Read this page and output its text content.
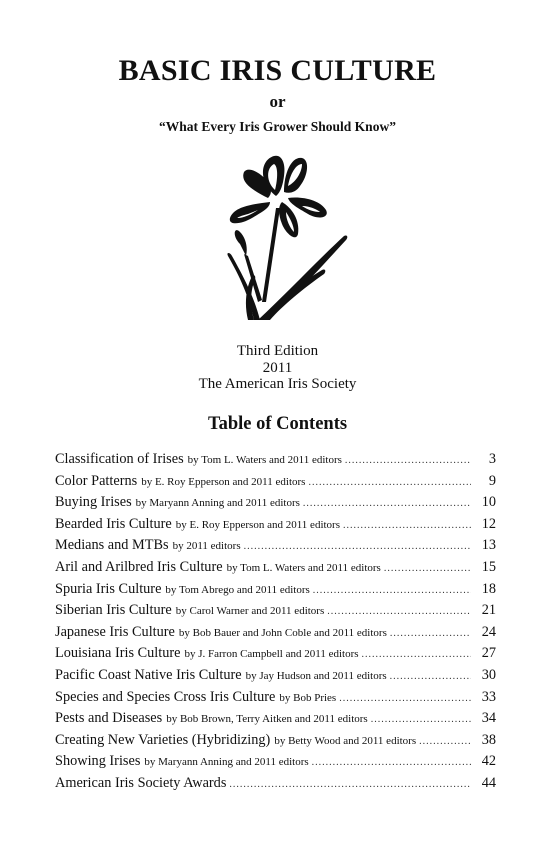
BASIC IRIS CULTURE
or
“What Every Iris Grower Should Know”
Third Edition
2011
The American Iris Society
Table of Contents
Classification of Irises by Tom L. Waters and 2011 editors .....	3
Color Patterns by E. Roy Epperson and 2011 editors .....	9
Buying Irises by Maryann Anning and 2011 editors .....	10
Bearded Iris Culture by E. Roy Epperson and 2011 editors .....	12
Medians and MTBs by 2011 editors .....	13
Aril and Arilbred Iris Culture by Tom L. Waters and 2011 editors .....	15
Spuria Iris Culture by Tom Abrego and 2011 editors .....	18
Siberian Iris Culture by Carol Warner and 2011 editors .....	21
Japanese Iris Culture by Bob Bauer and John Coble and 2011 editors .....	24
Louisiana Iris Culture by J. Farron Campbell and 2011 editors .....	27
Pacific Coast Native Iris Culture by Jay Hudson and 2011 editors .....	30
Species and Species Cross Iris Culture by Bob Pries .....	33
Pests and Diseases by Bob Brown, Terry Aitken and 2011 editors .....	34
Creating New Varieties (Hybridizing) by Betty Wood and 2011 editors .....	38
Showing Irises by Maryann Anning and 2011 editors .....	42
American Iris Society Awards .....	44
